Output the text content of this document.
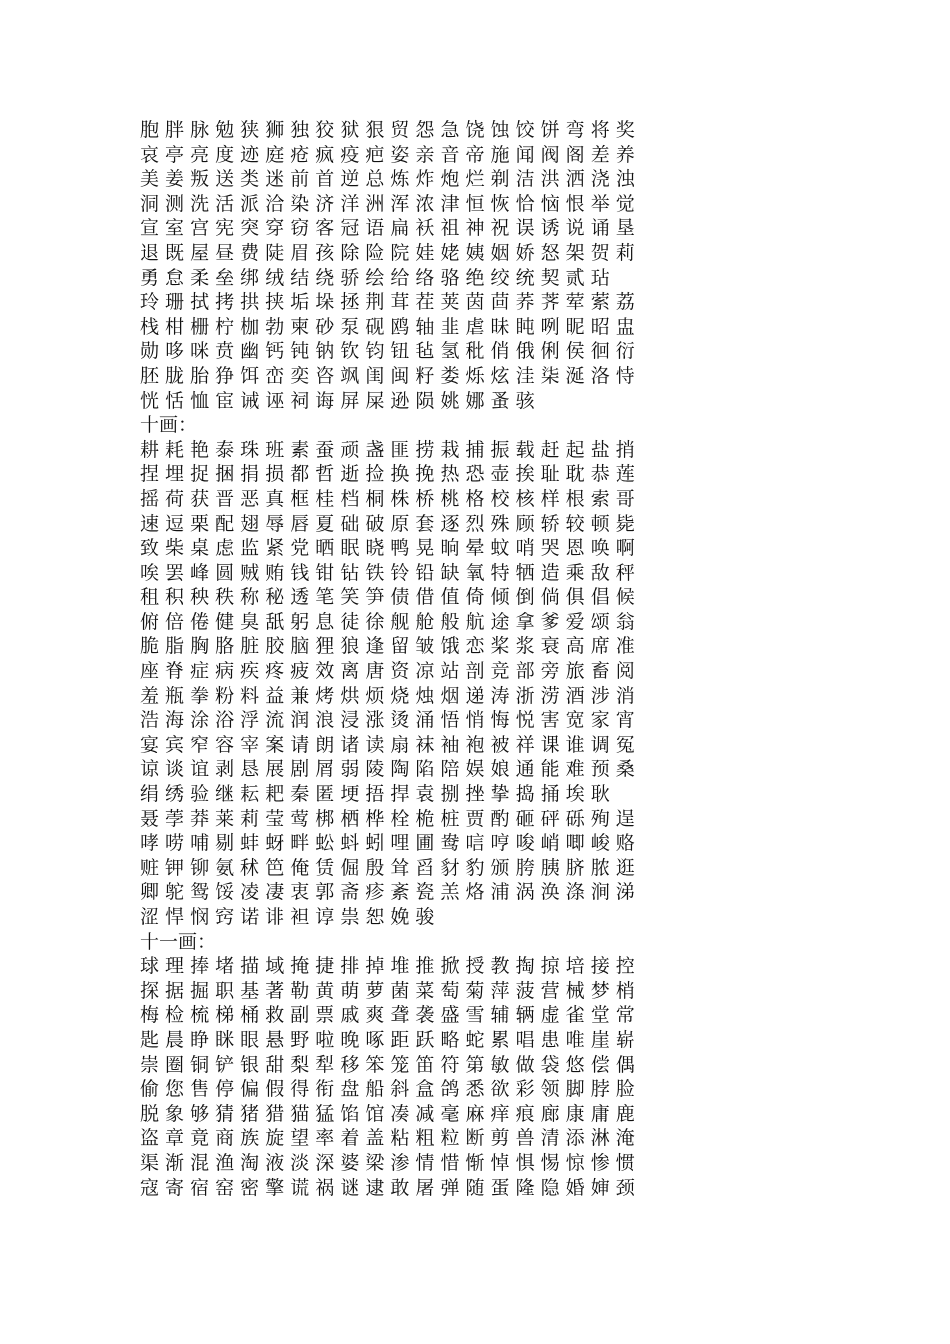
胞 胖 脉 勉 狭 狮 独 狡 狱 狠 贸 怨 急 饶 蚀 饺 饼 弯 将 奖
哀 亭 亮 度 迹 庭 疮 疯 疫 疤 姿 亲 音 帝 施 闻 阀 阁 差 养
美 姜 叛 送 类 迷 前 首 逆 总 炼 炸 炮 烂 剃 洁 洪 洒 浇 浊
洞 测 洗 活 派 洽 染 济 洋 洲 浑 浓 津 恒 恢 恰 恼 恨 举 觉
宣 室 宫 宪 突 穿 窃 客 冠 语 扁 袄 祖 神 祝 误 诱 说 诵 垦
退 既 屋 昼 费 陡 眉 孩 除 险 院 娃 姥 姨 姻 娇 怒 架 贺 莉
勇 怠 柔 垒 绑 绒 结 绕 骄 绘 给 络 骆 绝 绞 统 契 贰 玷
玲 珊 拭 拷 拱 挟 垢 垛 拯 荆 茸 茬 荚 茵 茴 荞 荠 荤 萦 荔
栈 柑 栅 柠 枷 勃 柬 砂 泵 砚 鸥 轴 韭 虐 昧 盹 咧 昵 昭 盅
勋 哆 咪 贲 幽 钙 钝 钠 钦 钧 钮 毡 氢 秕 俏 俄 俐 侯 徊 衍
胚 胧 胎 狰 饵 峦 奕 咨 飒 闺 闽 籽 娄 烁 炫 洼 柒 涎 洛 恃
恍 恬 恤 宦 诫 诬 祠 诲 屏 屎 逊 陨 姚 娜 蚤 骇
十画：
耕 耗 艳 泰 珠 班 素 蚕 顽 盏 匪 捞 栽 捕 振 载 赶 起 盐 捎
捏 埋 捉 捆 捐 损 都 哲 逝 捡 换 挽 热 恐 壶 挨 耻 耽 恭 莲
摇 荷 获 晋 恶 真 框 桂 档 桐 株 桥 桃 格 校 核 样 根 索 哥
速 逗 栗 配 翅 辱 唇 夏 础 破 原 套 逐 烈 殊 顾 轿 较 顿 毙
致 柴 桌 虑 监 紧 党 晒 眠 晓 鸭 晃 晌 晕 蚊 哨 哭 恩 唤 啊
唉 罢 峰 圆 贼 贿 钱 钳 钻 铁 铃 铅 缺 氧 特 牺 造 乘 敌 秤
租 积 秧 秩 称 秘 透 笔 笑 笋 债 借 值 倚 倾 倒 倘 俱 倡 候
俯 倍 倦 健 臭 舐 躬 息 徒 徐 舰 舱 般 航 途 拿 爹 爱 颂 翁
脆 脂 胸 胳 脏 胶 脑 狸 狼 逢 留 皱 饿 恋 桨 浆 衰 高 席 准
座 脊 症 病 疾 疼 疲 效 离 唐 资 凉 站 剖 竞 部 旁 旅 畜 阅
羞 瓶 拳 粉 料 益 兼 烤 烘 烦 烧 烛 烟 递 涛 浙 涝 酒 涉 消
浩 海 涂 浴 浮 流 润 浪 浸 涨 烫 涌 悟 悄 悔 悦 害 宽 家 宵
宴 宾 窄 容 宰 案 请 朗 诸 读 扇 袜 袖 袍 被 祥 课 谁 调 冤
谅 谈 谊 剥 恳 展 剧 屑 弱 陵 陶 陷 陪 娱 娘 通 能 难 预 桑
绢 绣 验 继 耘 耙 秦 匿 埂 捂 捍 袁 捌 挫 挚 捣 捅 埃 耿
聂 荸 莽 莱 莉 莹 莺 梆 栖 桦 栓 桅 桩 贾 酌 砸 砰 砾 殉 逞
哮 唠 哺 剔 蚌 蚜 畔 蚣 蚪 蚓 哩 圃 鸯 唁 哼 唆 峭 唧 峻 赂
赃 钾 铆 氨 秫 笆 俺 赁 倔 殷 耸 舀 豺 豹 颁 胯 胰 脐 脓 逛
卿 鸵 鸳 馁 凌 凄 衷 郭 斋 疹 紊 瓷 羔 烙 浦 涡 涣 涤 涧 涕
涩 悍 悯 窍 诺 诽 袒 谆 祟 恕 娩 骏
十一画：
球 理 捧 堵 描 域 掩 捷 排 掉 堆 推 掀 授 教 掏 掠 培 接 控
探 据 掘 职 基 著 勒 黄 萌 萝 菌 菜 萄 菊 萍 菠 营 械 梦 梢
梅 检 梳 梯 桶 救 副 票 戚 爽 聋 袭 盛 雪 辅 辆 虚 雀 堂 常
匙 晨 睁 眯 眼 悬 野 啦 晚 啄 距 跃 略 蛇 累 唱 患 唯 崖 崭
崇 圈 铜 铲 银 甜 梨 犁 移 笨 笼 笛 符 第 敏 做 袋 悠 偿 偶
偷 您 售 停 偏 假 得 衔 盘 船 斜 盒 鸽 悉 欲 彩 领 脚 脖 脸
脱 象 够 猜 猪 猎 猫 猛 馅 馆 凑 减 毫 麻 痒 痕 廊 康 庸 鹿
盗 章 竟 商 族 旋 望 率 着 盖 粘 粗 粒 断 剪 兽 清 添 淋 淹
渠 渐 混 渔 淘 液 淡 深 婆 梁 渗 情 惜 惭 悼 惧 惕 惊 惨 惯
寇 寄 宿 窑 密 擎 谎 祸 谜 逮 敢 屠 弹 随 蛋 隆 隐 婚 婶 颈
